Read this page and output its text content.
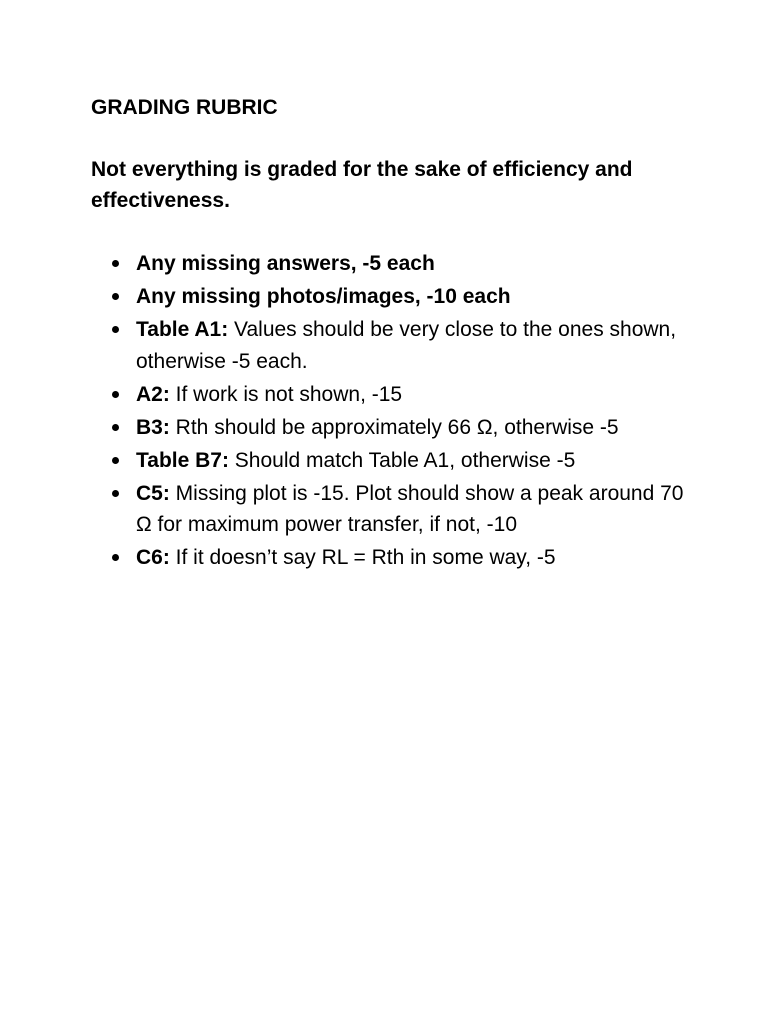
GRADING RUBRIC
Not everything is graded for the sake of efficiency and effectiveness.
Any missing answers, -5 each
Any missing photos/images, -10 each
Table A1: Values should be very close to the ones shown, otherwise -5 each.
A2: If work is not shown, -15
B3: Rth should be approximately 66 Ω, otherwise -5
Table B7: Should match Table A1, otherwise -5
C5: Missing plot is -15. Plot should show a peak around 70 Ω for maximum power transfer, if not, -10
C6: If it doesn’t say RL = Rth in some way, -5
